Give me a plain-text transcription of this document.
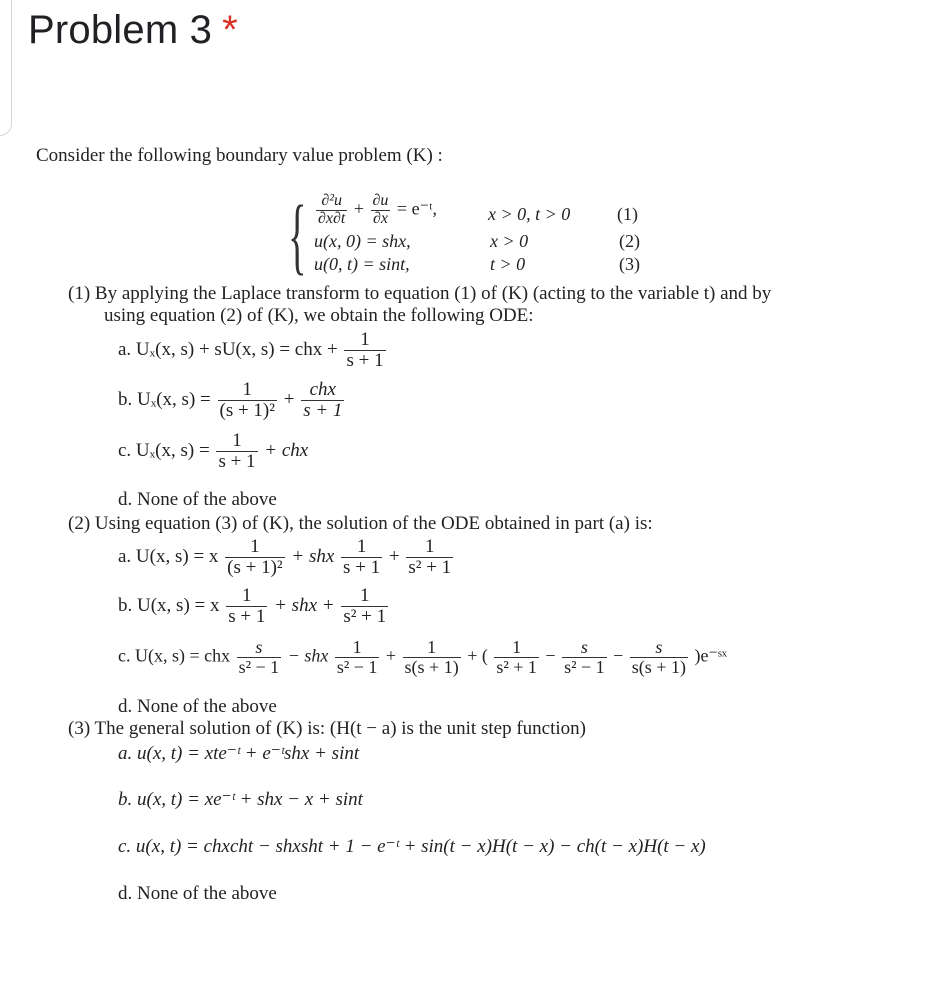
Problem 3 *
Consider the following boundary value problem (K) :
{ $\frac{\text{∂²u}}{\partial x\partial t} + \frac{\partial u}{\partial x}$ = e⁻ᵗ,	x > 0, t > 0	(1)
u(x, 0) = shx,	x > 0	(2)
u(0, t) = sint,	t > 0	(3)
(1) By applying the Laplace transform to equation (1) of (K) (acting to the variable t) and by
using equation (2) of (K), we obtain the following ODE:
a. Uₓ(x, s) + sU(x, s) = chx + $\frac{1}{s + 1}$
b. Uₓ(x, $s) = \frac{1}{\text{(s + 1)²}} + \frac{\text{chx}}{s + 1}$
c. Uₓ(x, $s) = \frac{1}{s + 1}$ + chx
d. None of the above
(2) Using equation (3) of (K), the solution of the ODE obtained in part (a) is:
a. U(x, s) = x $\frac{1}{\text{(s + 1)²}}$ + shx $\frac{1}{s + 1} + \frac{1}{\text{s² + 1}}$
b. U(x, s) = x $\frac{1}{s + 1}$ + shx + $\frac{1}{\text{s² + 1}}$
c. U(x, s) = chx $\frac{s}{\text{s² − 1}}$ − shx $\frac{1}{\text{s² − 1}} + \frac{1}{s(s + 1)}$ + ( $\frac{1}{\text{s² + 1}} - \frac{s}{\text{s² − 1}} - \frac{s}{s(s + 1)}$ )e⁻ˢˣ
d. None of the above
(3) The general solution of (K) is: (H(t − a) is the unit step function)
a. u(x, t) = xte⁻ᵗ + e⁻ᵗshx + sint
b. u(x, t) = xe⁻ᵗ + shx − x + sint
c. u(x, t) = chxcht − shxsht + 1 − e⁻ᵗ + sin(t − x)H(t − x) − ch(t − x)H(t − x)
d. None of the above
